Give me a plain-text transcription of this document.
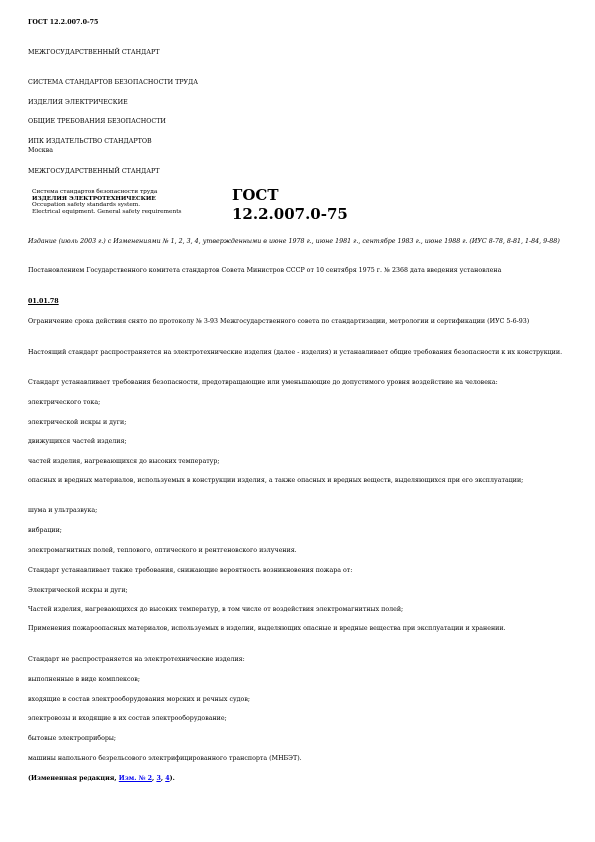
ГОСТ 12.2.007.0-75
МЕЖГОСУДАРСТВЕННЫЙ СТАНДАРТ
СИСТЕМА СТАНДАРТОВ БЕЗОПАСНОСТИ ТРУДА
ИЗДЕЛИЯ ЭЛЕКТРИЧЕСКИЕ
ОБЩИЕ ТРЕБОВАНИЯ БЕЗОПАСНОСТИ
ИПК ИЗДАТЕЛЬСТВО СТАНДАРТОВ
Москва
МЕЖГОСУДАРСТВЕННЫЙ СТАНДАРТ
Система стандартов безопасности труда
ИЗДЕЛИЯ ЭЛЕКТРОТЕХНИЧЕСКИЕ
Occupation safety standards system.
Electrical equipment. General safety requirements
ГОСТ
12.2.007.0-75
Издание (июль 2003 г.) с Изменениями № 1, 2, 3, 4, утвержденными в июне 1978 г., июне 1981 г., сентябре 1983 г., июне 1988 г. (ИУС 8-78, 8-81, 1-84, 9-88)
Постановлением Государственного комитета стандартов Совета Министров СССР от 10 сентября 1975 г. № 2368 дата введения установлена
01.01.78
Ограничение срока действия снято по протоколу № 3-93 Межгосударственного совета по стандартизации, метрологии и сертификации (ИУС 5-6-93)
Настоящий стандарт распространяется на электротехнические изделия (далее - изделия) и устанавливает общие требования безопасности к их конструкции.
Стандарт устанавливает требования безопасности, предотвращающие или уменьшающие до допустимого уровня воздействие на человека:
электрического тока;
электрической искры и дуги;
движущихся частей изделия;
частей изделия, нагревающихся до высоких температур;
опасных и вредных материалов, используемых в конструкции изделия, а также опасных и вредных веществ, выделяющихся при его эксплуатации;
шума и ультразвука;
вибрации;
электромагнитных полей, теплового, оптического и рентгеновского излучения.
Стандарт устанавливает также требования, снижающие вероятность возникновения пожара от:
Электрической искры и дуги;
Частей изделия, нагревающихся до высоких температур, в том числе от воздействия электромагнитных полей;
Применения пожароопасных материалов, используемых в изделии, выделяющих опасные и вредные вещества при эксплуатации и хранении.
Стандарт не распространяется на электротехнические изделия:
выполненные в виде комплексов;
входящие в состав электрооборудования морских и речных судов;
электровозы и входящие в их состав электрооборудование;
бытовые электроприборы;
машины напольного безрельсового электрифицированного транспорта (МНБЭТ).
(Измененная редакция, Изм. № 2, 3, 4).
